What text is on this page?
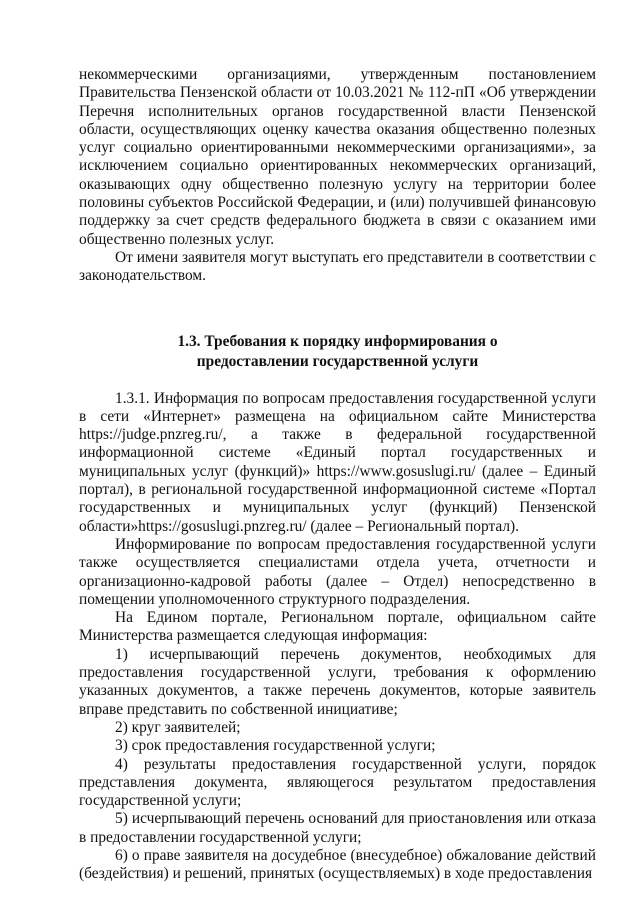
некоммерческими организациями, утвержденным постановлением Правительства Пензенской области от 10.03.2021 № 112-пП «Об утверждении Перечня исполнительных органов государственной власти Пензенской области, осуществляющих оценку качества оказания общественно полезных услуг социально ориентированными некоммерческими организациями», за исключением социально ориентированных некоммерческих организаций, оказывающих одну общественно полезную услугу на территории более половины субъектов Российской Федерации, и (или) получившей финансовую поддержку за счет средств федерального бюджета в связи с оказанием ими общественно полезных услуг.

От имени заявителя могут выступать его представители в соответствии с законодательством.

1.3. Требования к порядку информирования о

предоставлении государственной услуги

1.3.1. Информация по вопросам предоставления государственной услуги в сети «Интернет» размещена на официальном сайте Министерства https://judge.pnzreg.ru/, а также в федеральной государственной информационной системе «Единый портал государственных и муниципальных услуг (функций)» https://www.gosuslugi.ru/ (далее – Единый портал), в региональной государственной информационной системе «Портал государственных и муниципальных услуг (функций) Пензенской области»https://gosuslugi.pnzreg.ru/ (далее – Региональный портал).

Информирование по вопросам предоставления государственной услуги также осуществляется специалистами отдела учета, отчетности и организационно-кадровой работы (далее – Отдел) непосредственно в помещении уполномоченного структурного подразделения.

На Едином портале, Региональном портале, официальном сайте Министерства размещается следующая информация:

1) исчерпывающий перечень документов, необходимых для предоставления государственной услуги, требования к оформлению указанных документов, а также перечень документов, которые заявитель вправе представить по собственной инициативе;

2) круг заявителей;

3) срок предоставления государственной услуги;

4) результаты предоставления государственной услуги, порядок представления документа, являющегося результатом предоставления государственной услуги;

5) исчерпывающий перечень оснований для приостановления или отказа в предоставлении государственной услуги;

6) о праве заявителя на досудебное (внесудебное) обжалование действий (бездействия) и решений, принятых (осуществляемых) в ходе предоставления
